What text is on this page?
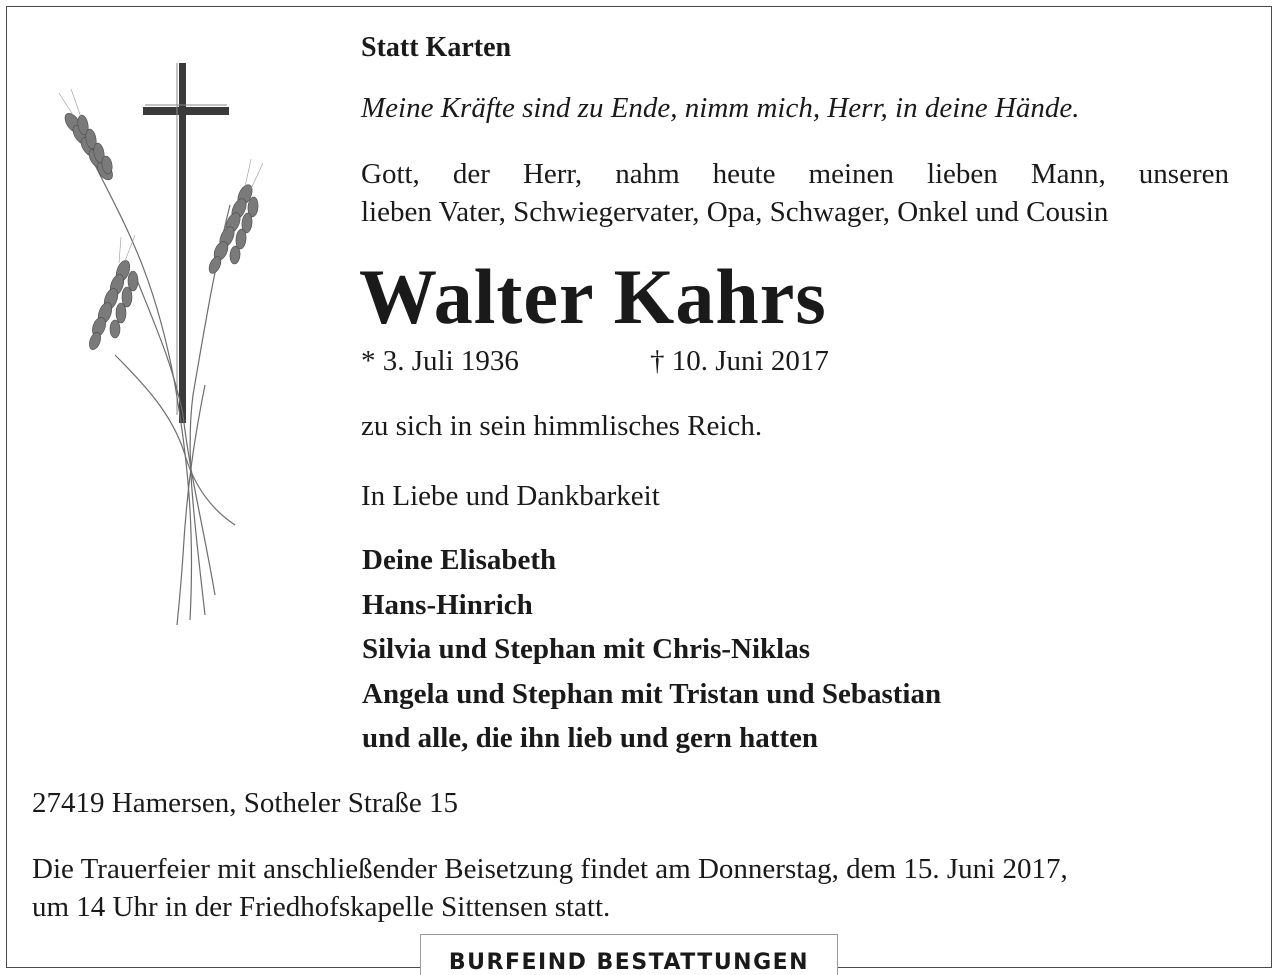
Statt Karten

Meine Kräfte sind zu Ende, nimm mich, Herr, in deine Hände.

Gott, der Herr, nahm heute meinen lieben Mann, unseren
lieben Vater, Schwiegervater, Opa, Schwager, Onkel und Cousin

Walter Kahrs

* 3. Juli 1936	† 10. Juni 2017

zu sich in sein himmlisches Reich.

In Liebe und Dankbarkeit

Deine Elisabeth
Hans-Hinrich
Silvia und Stephan mit Chris-Niklas
Angela und Stephan mit Tristan und Sebastian
und alle, die ihn lieb und gern hatten

27419 Hamersen, Sotheler Straße 15

Die Trauerfeier mit anschließender Beisetzung findet am Donnerstag, dem 15. Juni 2017,
um 14 Uhr in der Friedhofskapelle Sittensen statt.

BURFEIND BESTATTUNGEN
